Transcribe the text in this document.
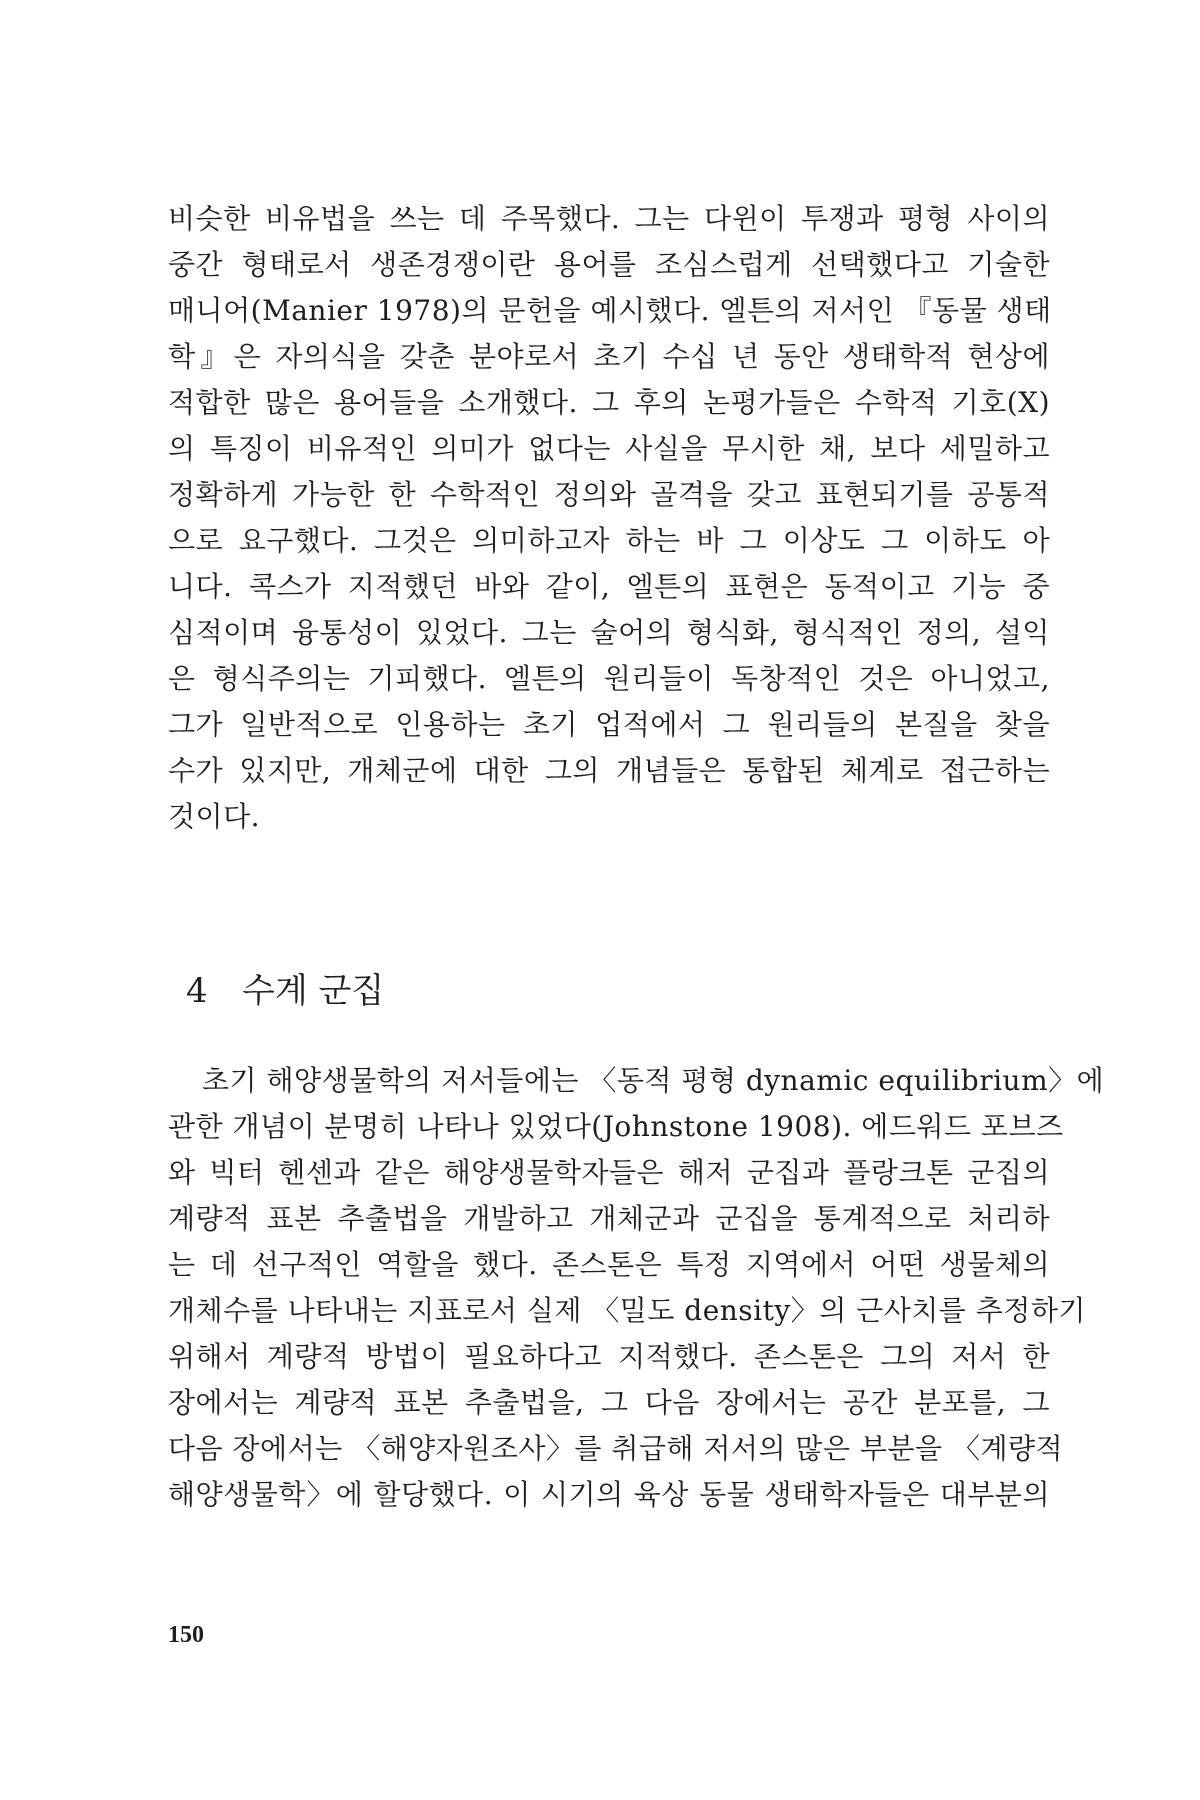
비슷한 비유법을 쓰는 데 주목했다. 그는 다윈이 투쟁과 평형 사이의
중간 형태로서 생존경쟁이란 용어를 조심스럽게 선택했다고 기술한
매니어(Manier 1978)의 문헌을 예시했다. 엘튼의 저서인 『동물 생태
학』은 자의식을 갖춘 분야로서 초기 수십 년 동안 생태학적 현상에
적합한 많은 용어들을 소개했다. 그 후의 논평가들은 수학적 기호(X)
의 특징이 비유적인 의미가 없다는 사실을 무시한 채, 보다 세밀하고
정확하게 가능한 한 수학적인 정의와 골격을 갖고 표현되기를 공통적
으로 요구했다. 그것은 의미하고자 하는 바 그 이상도 그 이하도 아
니다. 콕스가 지적했던 바와 같이, 엘튼의 표현은 동적이고 기능 중
심적이며 융통성이 있었다. 그는 술어의 형식화, 형식적인 정의, 설익
은 형식주의는 기피했다. 엘튼의 원리들이 독창적인 것은 아니었고,
그가 일반적으로 인용하는 초기 업적에서 그 원리들의 본질을 찾을
수가 있지만, 개체군에 대한 그의 개념들은 통합된 체계로 접근하는
것이다.
4 수계 군집
초기 해양생물학의 저서들에는 〈동적 평형 dynamic equilibrium〉에
관한 개념이 분명히 나타나 있었다(Johnstone 1908). 에드워드 포브즈
와 빅터 헨센과 같은 해양생물학자들은 해저 군집과 플랑크톤 군집의
계량적 표본 추출법을 개발하고 개체군과 군집을 통계적으로 처리하
는 데 선구적인 역할을 했다. 존스톤은 특정 지역에서 어떤 생물체의
개체수를 나타내는 지표로서 실제 〈밀도 density〉의 근사치를 추정하기
위해서 계량적 방법이 필요하다고 지적했다. 존스톤은 그의 저서 한
장에서는 계량적 표본 추출법을, 그 다음 장에서는 공간 분포를, 그
다음 장에서는 〈해양자원조사〉를 취급해 저서의 많은 부분을 〈계량적
해양생물학〉에 할당했다. 이 시기의 육상 동물 생태학자들은 대부분의
150
